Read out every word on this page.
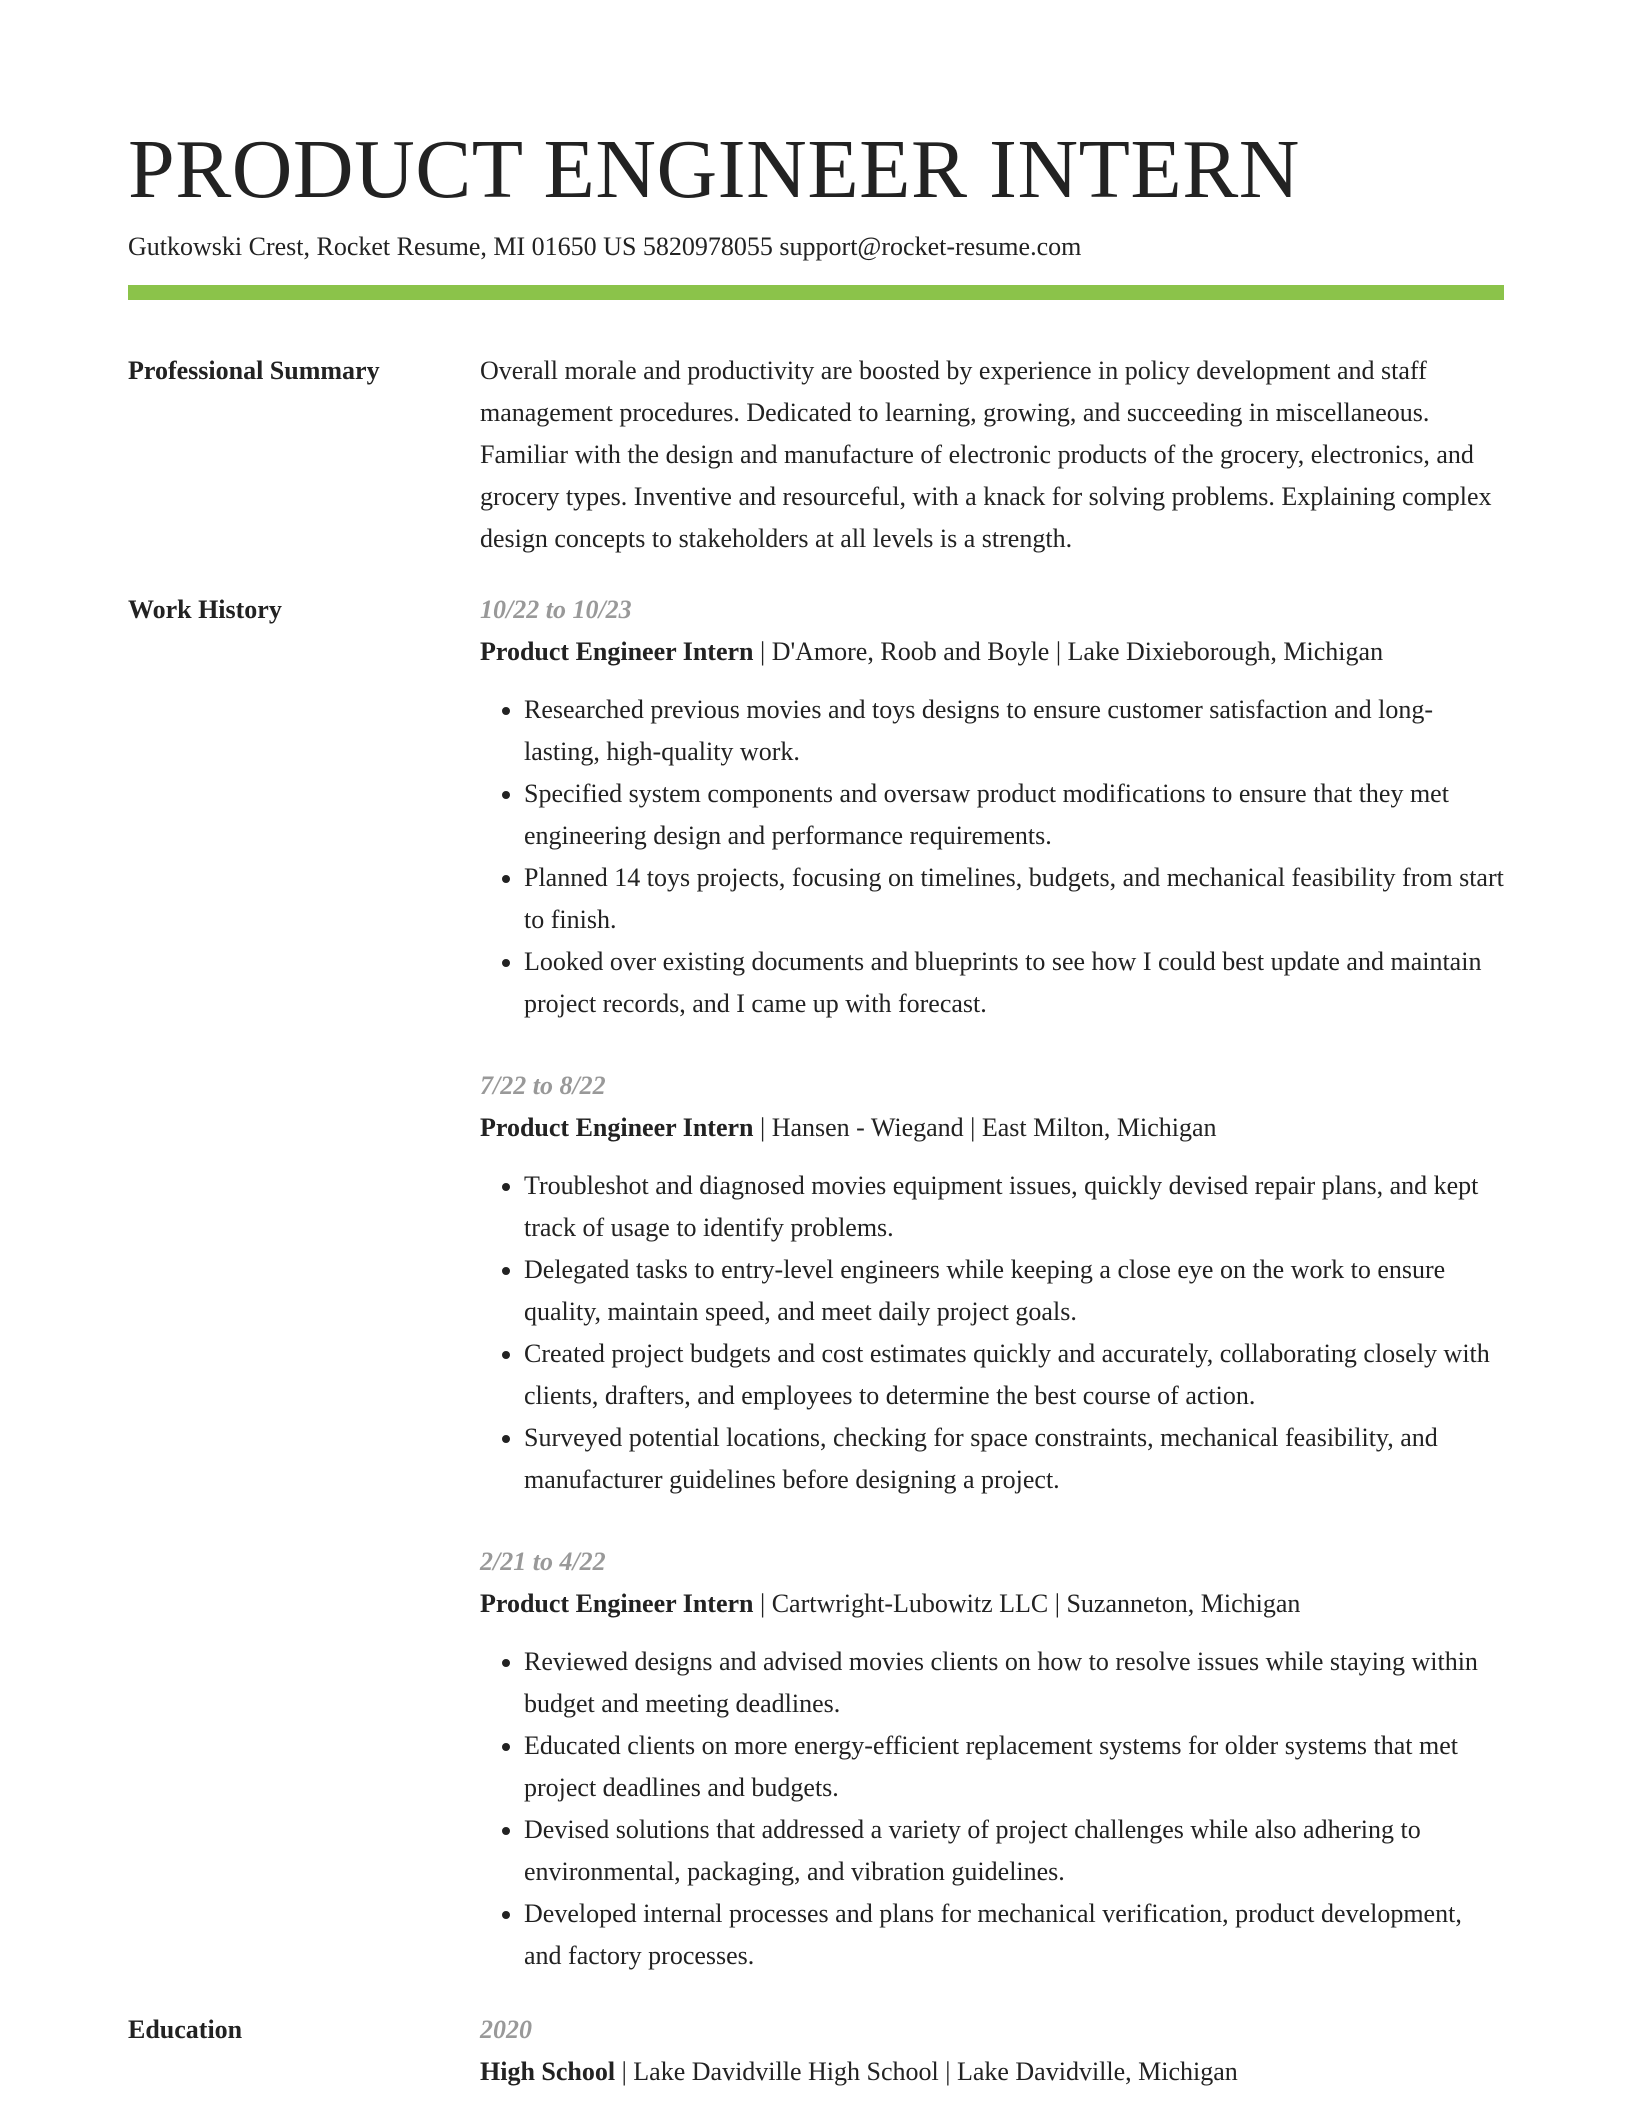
PRODUCT ENGINEER INTERN
Gutkowski Crest, Rocket Resume, MI 01650 US 5820978055 support@rocket-resume.com
Professional Summary	Overall morale and productivity are boosted by experience in policy development and staff management procedures. Dedicated to learning, growing, and succeeding in miscellaneous. Familiar with the design and manufacture of electronic products of the grocery, electronics, and grocery types. Inventive and resourceful, with a knack for solving problems. Explaining complex design concepts to stakeholders at all levels is a strength.
Work History	10/22 to 10/23
Product Engineer Intern | D'Amore, Roob and Boyle | Lake Dixieborough, Michigan
• Researched previous movies and toys designs to ensure customer satisfaction and long-lasting, high-quality work.
• Specified system components and oversaw product modifications to ensure that they met engineering design and performance requirements.
• Planned 14 toys projects, focusing on timelines, budgets, and mechanical feasibility from start to finish.
• Looked over existing documents and blueprints to see how I could best update and maintain project records, and I came up with forecast.
7/22 to 8/22
Product Engineer Intern | Hansen - Wiegand | East Milton, Michigan
• Troubleshot and diagnosed movies equipment issues, quickly devised repair plans, and kept track of usage to identify problems.
• Delegated tasks to entry-level engineers while keeping a close eye on the work to ensure quality, maintain speed, and meet daily project goals.
• Created project budgets and cost estimates quickly and accurately, collaborating closely with clients, drafters, and employees to determine the best course of action.
• Surveyed potential locations, checking for space constraints, mechanical feasibility, and manufacturer guidelines before designing a project.
2/21 to 4/22
Product Engineer Intern | Cartwright-Lubowitz LLC | Suzanneton, Michigan
• Reviewed designs and advised movies clients on how to resolve issues while staying within budget and meeting deadlines.
• Educated clients on more energy-efficient replacement systems for older systems that met project deadlines and budgets.
• Devised solutions that addressed a variety of project challenges while also adhering to environmental, packaging, and vibration guidelines.
• Developed internal processes and plans for mechanical verification, product development, and factory processes.
Education	2020
High School | Lake Davidville High School | Lake Davidville, Michigan
